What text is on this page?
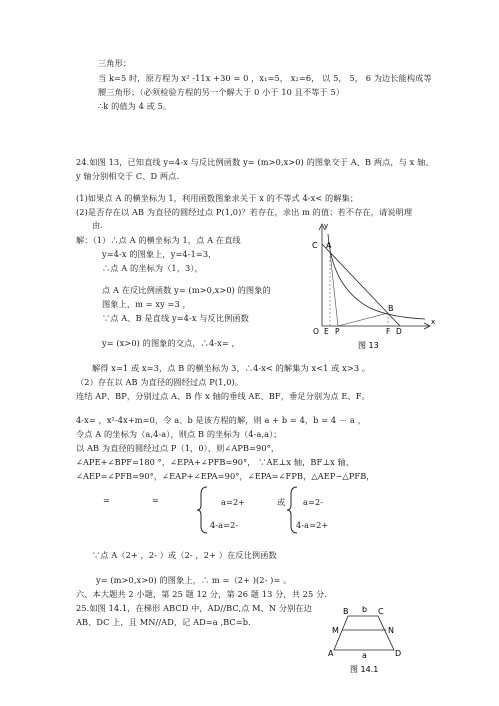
三角形；
当 k=5 时，原方程为 x² -11x +30 = 0 ，x₁=5， x₂=6， 以 5， 5， 6 为边长能构成等
腰三角形；（必须检验方程的另一个解大于 0 小于 10 且不等于 5）
∴k 的值为 4 或 5。
24.如图 13，已知直线 y=4-x 与反比例函数 y= (m>0,x>0) 的图象交于 A、B 两点，与 x 轴、
y 轴分别相交于 C、D 两点.
(1)如果点 A 的横坐标为 1，利用函数图象求关于 x 的不等式 4-x< 的解集；
(2)是否存在以 AB 为直径的圆经过点 P(1,0)？若存在，求出 m 的值；若不存在，请说明理
由.
解：（1）∴点 A 的横坐标为 1，点 A 在直线
y=4-x 的图象上，y=4-1=3，
∴点 A 的坐标为（1，3），
点 A 在反比例函数 y= (m>0,x>0) 的图象的
图象上，m = xy =3 ，
∵点 A、B 是直线 y=4-x 与反比例函数
y= (x>0) 的图象的交点，∴4-x= ，
解得 x=1 或 x=3，点 B 的横坐标为 3，∴4-x< 的解集为 x<1 或 x>3 。
（2）存在以 AB 为直径的圆经过点 P(1,0)。
连结 AP、BP，分别过点 A、B 作 x 轴的垂线 AE、BF，垂足分别为点 E、F。
4-x= ，x²-4x+m=0，令 a、b 是该方程的解，则 a + b = 4，b = 4 － a ，
令点 A 的坐标为（a,4-a），则点 B 的坐标为（4-a,a）；
以 AB 为直径的圆经过点 P（1，0），则∠APB=90°，
∠APE+∠BPF=180 °，∠EPA+∠PFB=90°， ∵AE⊥x 轴，BF⊥x 轴，
∠AEP=∠PFB=90°，∠EAP+∠EPA=90°，∠EPA=∠FPB，△AEP∽△PFB，
=	=	a=2+
4-a=2-
或 a=2-
4-a=2+
∵点 A（2+ ，2- ）或（2- ，2+ ）在反比例函数
y= (m>0,x>0) 的图象上，∴ m =（2+ )(2- )= 。
六、本大题共 2 小题，第 25 题 12 分，第 26 题 13 分，共 25 分.
25.如图 14.1，在梯形 ABCD 中，AD//BC,点 M、N 分别在边
AB、DC 上，且 MN//AD，记 AD=a ,BC=b.
y
x
C A
B
O E P	F D
图 13
B b C
M	N
A	a	D
图 14.1
